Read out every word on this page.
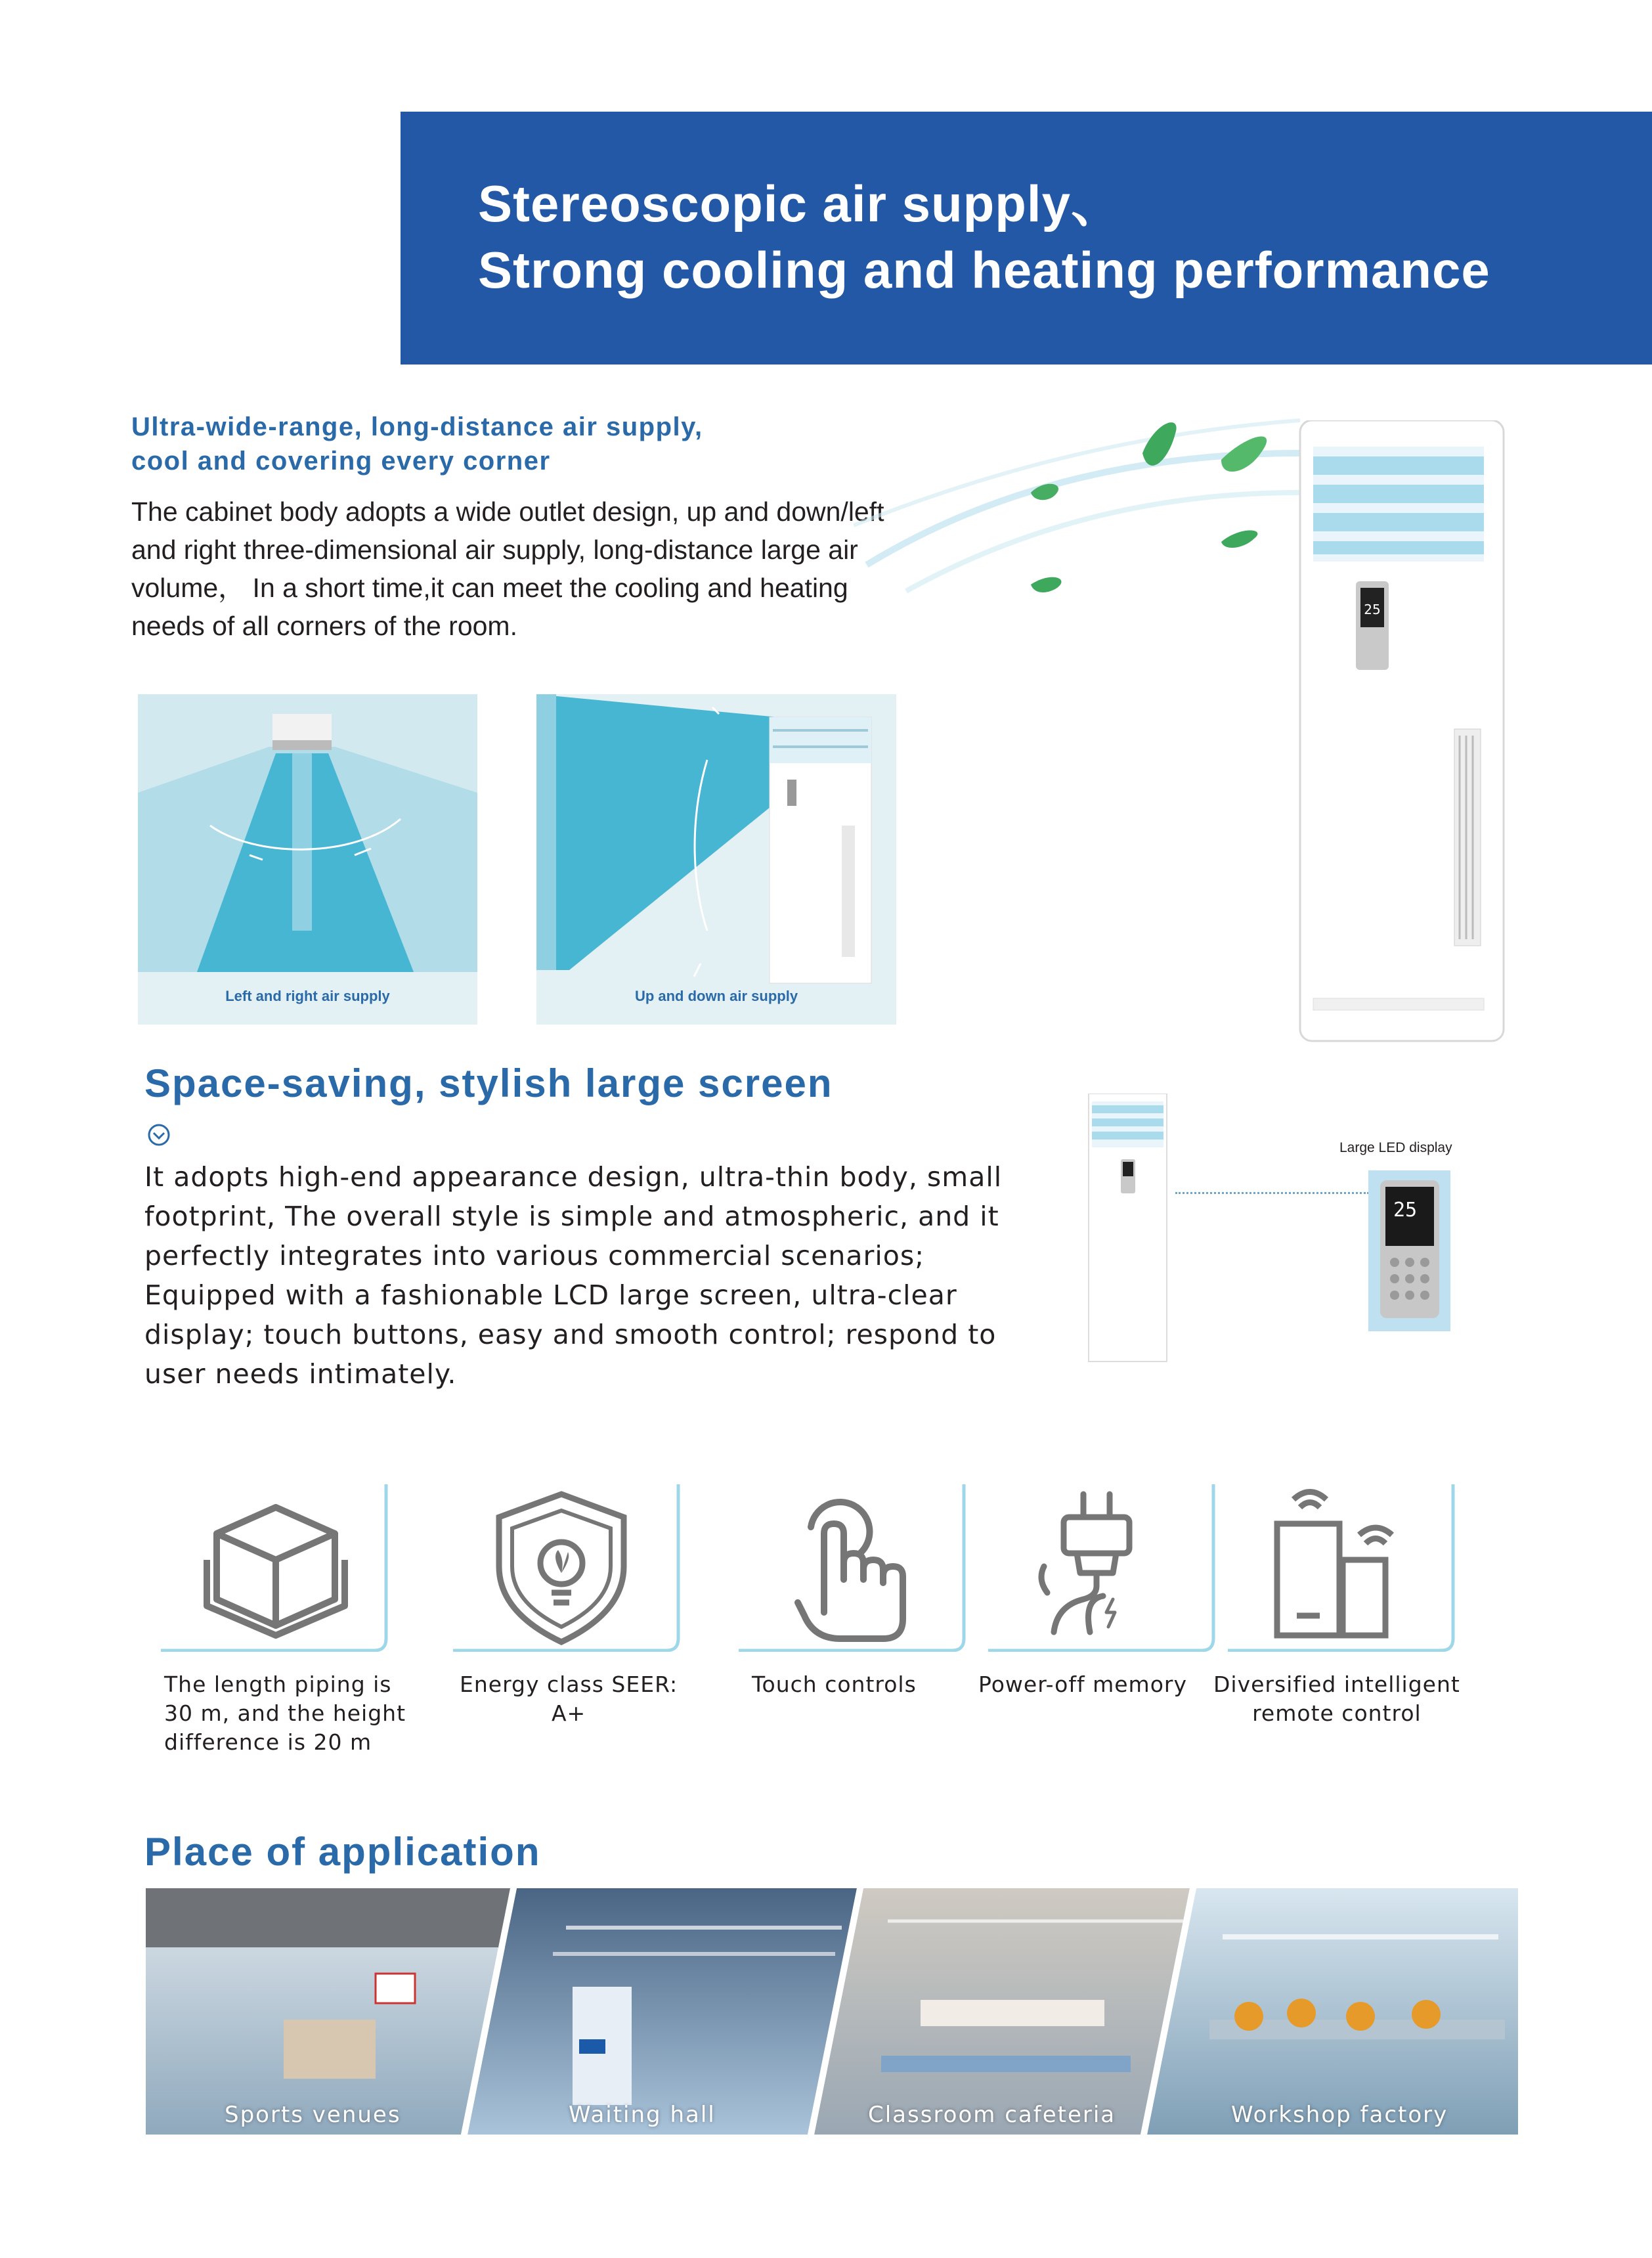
Stereoscopic air supply、
Strong cooling and heating performance
Ultra-wide-range, long-distance air supply,
cool and covering every corner
The cabinet body adopts a wide outlet design, up and down/left
and right three-dimensional air supply, long-distance large air
volume， In a short time,it can meet the cooling and heating
needs of all corners of the room.
Left and right air supply	Up and down air supply
25
Space-saving, stylish large screen
It adopts high-end appearance design, ultra-thin body, small
footprint, The overall style is simple and atmospheric, and it
perfectly integrates into various commercial scenarios;
Equipped with a fashionable LCD large screen, ultra-clear
display; touch buttons, easy and smooth control; respond to
user needs intimately.
Large LED display
25
The length piping is
30 m, and the height
difference is 20 m
Energy class SEER:
A+
Touch controls	Power-off memory Diversified intelligent
remote control
Place of application
Sports venues	Waiting hall	Classroom cafeteria	Workshop factory
